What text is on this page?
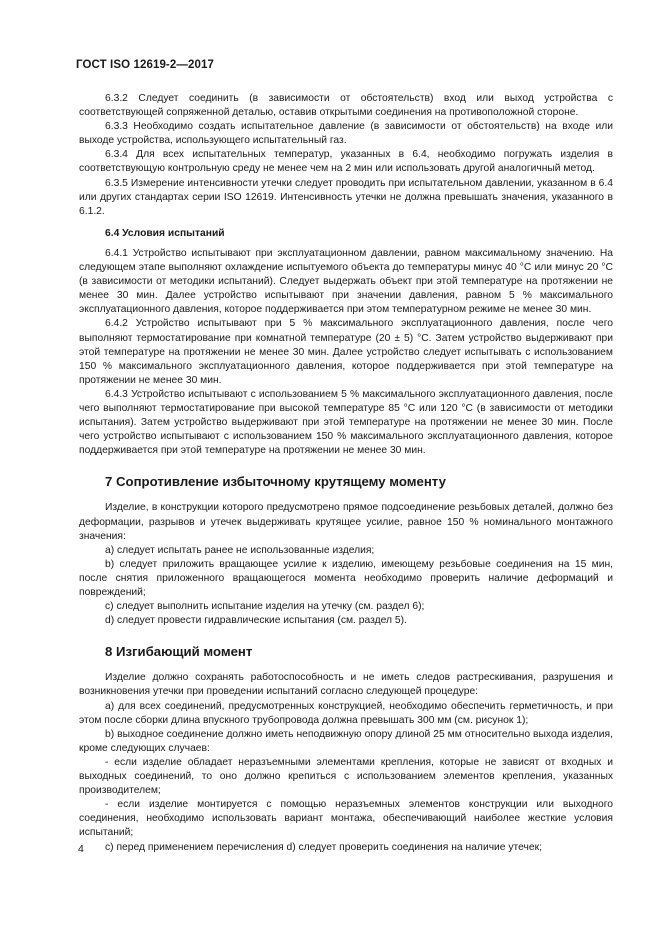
ГОСТ ISO 12619-2—2017
6.3.2 Следует соединить (в зависимости от обстоятельств) вход или выход устройства с соответствующей сопряженной деталью, оставив открытыми соединения на противоположной стороне.
6.3.3 Необходимо создать испытательное давление (в зависимости от обстоятельств) на входе или выходе устройства, использующего испытательный газ.
6.3.4 Для всех испытательных температур, указанных в 6.4, необходимо погружать изделия в соответствующую контрольную среду не менее чем на 2 мин или использовать другой аналогичный метод.
6.3.5 Измерение интенсивности утечки следует проводить при испытательном давлении, указанном в 6.4 или других стандартах серии ISO 12619. Интенсивность утечки не должна превышать значения, указанного в 6.1.2.
6.4 Условия испытаний
6.4.1 Устройство испытывают при эксплуатационном давлении, равном максимальному значению. На следующем этапе выполняют охлаждение испытуемого объекта до температуры минус 40 °С или минус 20 °С (в зависимости от методики испытаний). Следует выдержать объект при этой температуре на протяжении не менее 30 мин. Далее устройство испытывают при значении давления, равном 5 % максимального эксплуатационного давления, которое поддерживается при этом температурном режиме не менее 30 мин.
6.4.2 Устройство испытывают при 5 % максимального эксплуатационного давления, после чего выполняют термостатирование при комнатной температуре (20 ± 5) °С. Затем устройство выдерживают при этой температуре на протяжении не менее 30 мин. Далее устройство следует испытывать с использованием 150 % максимального эксплуатационного давления, которое поддерживается при этой температуре на протяжении не менее 30 мин.
6.4.3 Устройство испытывают с использованием 5 % максимального эксплуатационного давления, после чего выполняют термостатирование при высокой температуре 85 °С или 120 °С (в зависимости от методики испытания). Затем устройство выдерживают при этой температуре на протяжении не менее 30 мин. После чего устройство испытывают с использованием 150 % максимального эксплуатационного давления, которое поддерживается при этой температуре на протяжении не менее 30 мин.
7 Сопротивление избыточному крутящему моменту
Изделие, в конструкции которого предусмотрено прямое подсоединение резьбовых деталей, должно без деформации, разрывов и утечек выдерживать крутящее усилие, равное 150 % номинального монтажного значения:
a) следует испытать ранее не использованные изделия;
b) следует приложить вращающее усилие к изделию, имеющему резьбовые соединения на 15 мин, после снятия приложенного вращающегося момента необходимо проверить наличие деформаций и повреждений;
c) следует выполнить испытание изделия на утечку (см. раздел 6);
d) следует провести гидравлические испытания (см. раздел 5).
8 Изгибающий момент
Изделие должно сохранять работоспособность и не иметь следов растрескивания, разрушения и возникновения утечки при проведении испытаний согласно следующей процедуре:
a) для всех соединений, предусмотренных конструкцией, необходимо обеспечить герметичность, и при этом после сборки длина впускного трубопровода должна превышать 300 мм (см. рисунок 1);
b) выходное соединение должно иметь неподвижную опору длиной 25 мм относительно выхода изделия, кроме следующих случаев:
- если изделие обладает неразъемными элементами крепления, которые не зависят от входных и выходных соединений, то оно должно крепиться с использованием элементов крепления, указанных производителем;
- если изделие монтируется с помощью неразъемных элементов конструкции или выходного соединения, необходимо использовать вариант монтажа, обеспечивающий наиболее жесткие условия испытаний;
c) перед применением перечисления d) следует проверить соединения на наличие утечек;
4
